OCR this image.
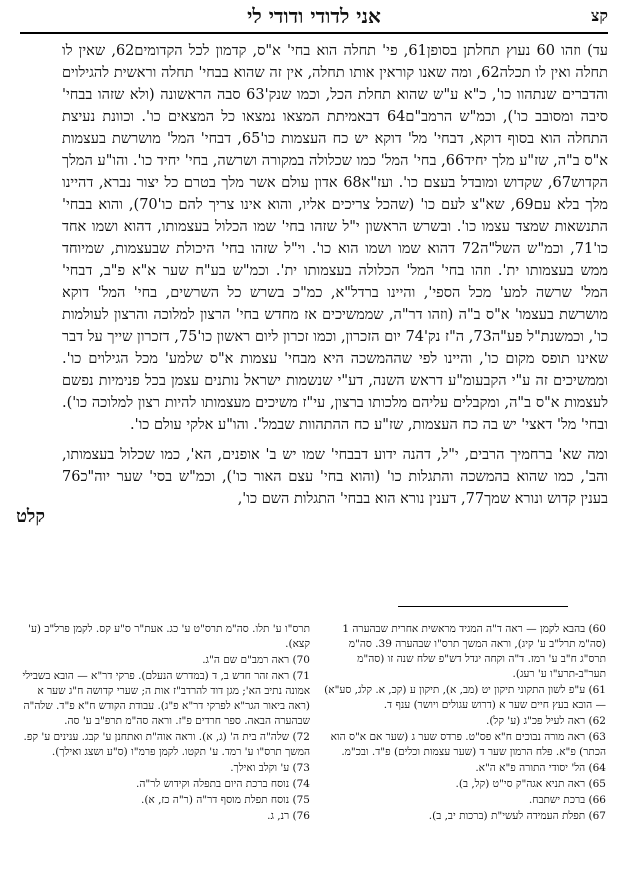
אני לדודי ודודי לי	קצ
קלט

עד) וזהו 60 נעוץ תחלתן בסופן61, פי' תחלה הוא בחי' א"ס, קדמון לכל הקדומים62, שאין לו תחלה ואין לו תכלה62, ומה שאנו קוראין אותו תחלה, אין זה שהוא בבחי' תחלה וראשית להגילוים והדברים שנתהוו כו', כ"א ע"ש שהוא תחלת הכל, וכמו שנק'63 סבה הראשונה (ולא שזהו בבחי' סיבה ומסובב כו'), וכמ"ש הרמב"ם64 דבאמיתת המצאו נמצאו כל המצאים כו'. וכוונת נעיצת התחלה הוא בסוף דוקא, דבחי' מל' דוקא יש כח העצמות כו'65, דבחי' המל' מושרשת בעצמות א"ס ב"ה, שז"ע מלך יחיד66, בחי' המל' כמו שכלולה במקורה ושרשה, בחי' יחיד כו'. והו"ע המלך הקדוש67, שקדוש ומובדל בעצם כו'. ועז"א68 אדון עולם אשר מלך בטרם כל יצור נברא, דהיינו מלך בלא עם69, שא"צ לעם כו' (שהכל צריכים אליו, והוא אינו צריך להם כו'70), והוא בבחי' התנשאות שמצד עצמו כו'. ובשרש הראשון י"ל שזהו בחי' שמו הכלול בעצמותו, דהוא ושמו אחד כו'71, וכמ"ש השל"ה72 דהוא שמו ושמו הוא כו'. וי"ל שזהו בחי' היכולת שבעצמות, שמיוחד ממש בעצמותו ית'. וזהו בחי' המל' הכלולה בעצמותו ית'. וכמ"ש בע"ח שער א"א פ"ב, דבחי' המל' שרשה למע' מכל הספי', והיינו ברדל"א, כמ"כ בשרש כל השרשים, בחי' המל' דוקא מושרשת בעצמו' א"ס ב"ה (וזהו דר"ה, שממשיכים אז מחדש בחי' הרצון למלוכה והרצון לעולמות כו', וכמשנת"ל פע"ה73, ה"ז נק'74 יום הזכרון, וכמו זכרון ליום ראשון כו'75, דזכרון שייך על דבר שאינו תופס מקום כו', והיינו לפי שההמשכה היא מבחי' עצמות א"ס שלמע' מכל הגילוים כו'. וממשיכים זה ע"י הקבעומ"ע דראש השנה, דע"י שנשמות ישראל נותנים עצמן בכל פנימיות נפשם לעצמות א"ס ב"ה, ומקבלים עליהם מלכותו ברצון, עי"ז משיכים מעצמותו להיות רצון למלוכה כו'). ובחי' מל' דאצי' יש בה כח העצמות, שז"ע כח ההתהוות שבמל'. והו"ע אלקי עולם כו'.

ומה שא' ברחמיך הרבים, י"ל, דהנה ידוע דבבחי' שמו יש ב' אופנים, הא', כמו שכלול בעצמותו, והב', כמו שהוא בהמשכה והתגלות כו' (והוא בחי' עצם האור כו'), וכמ"ש בסי' שער יוה"כ76 בענין קדוש ונורא שמך77, דענין נורא הוא בבחי' התגלות השם כו',

60) בהבא לקמן — ראה ד"ה המגיד מראשית אחרית שבהערה 1 (סה"מ תרל"ב ע' קיג), וראה המשך תרס"ו שבהערה 39. סה"מ תרס"ג ח"ב ע' רמז. ד"ה וקחה יגדל דש"פ שלח שנה זו (סה"מ תער"ב-תרע"ו ע' רעג).

61) ע"פ לשון התקוני תיקון יט (מב, א), תיקון ע (קכ, א. קלג, סע"א) — הובא בעץ חיים שער א (דרוש עגולים ויושר) ענף ד.

62) ראה לעיל פכ"ג (ע' קל).

63) ראה מורה נבוכים ח"א פס"ט. פרדס שער ג (שער אם א"ס הוא הכתר) פ"א. פלח הרמון שער ד (שער עצמות וכלים) פ"ד. ובכ"מ.

64) הל' יסודי התורה פ"א ה"א.

65) ראה תניא אגה"ק סי"ט (קל, ב).

66) ברכת ישתבח.

67) תפלת העמידה לעשי"ת (ברכות יב, ב).

תרס"ו ע' תלו. סה"מ תרס"ט ע' כג. אעת"ר ס"ע קס. לקמן פרל"ב (ע' קצא).

70) ראה רמב"ם שם ה"ג.

71) ראה זהר חדש ב, ד (במדרש הנעלם). פרקי דר"א — הובא בשבילי אמונה נתיב הא'; מגן דוד להרדב"ז אות ה; שערי קדושה ח"ג שער א (ראה ביאור הגר"א לפרקי דר"א פ"ג). עבודת הקודש ח"א פ"ד. שלה"ה שבהערה הבאה. ספר חרדים פ"ז. וראה סה"מ תרפ"ב ע' סה.

72) שלה"ה בית ה' (ג, א). וראה אוה"ת ואתחנן ע' קבג. ענינים ע' קפ. המשך תרס"ו ע' רמד. ע' תקטו. לקמן פרמ"ו (ס"ע ושצג ואילך).

73) ע' וקלב ואילך.

74) נוסח ברכת היום בתפלה וקידוש לר"ה.

75) נוסח תפלת מוסף דר"ה (ר"ה כז, א).

76) רנ, ג.
